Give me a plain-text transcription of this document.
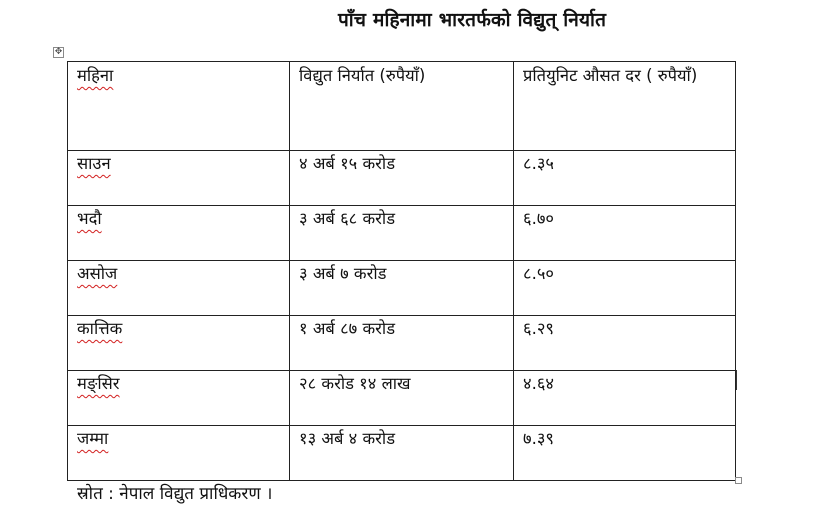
पाँच महिनामा भारतर्फको विद्युत् निर्यात
✥
महिना	विद्युत निर्यात (रुपैयाँ)	प्रतियुनिट औसत दर ( रुपैयाँ)
साउन	४ अर्ब १५ करोड	८.३५
भदौ	३ अर्ब ६८ करोड	६.७०
असोज	३ अर्ब ७ करोड	८.५०
कात्तिक	१ अर्ब ८७ करोड	६.२९
मङ्सिर	२८ करोड १४ लाख	४.६४
जम्मा	१३ अर्ब ४ करोड	७.३९
स्रोत : नेपाल विद्युत प्राधिकरण ।
